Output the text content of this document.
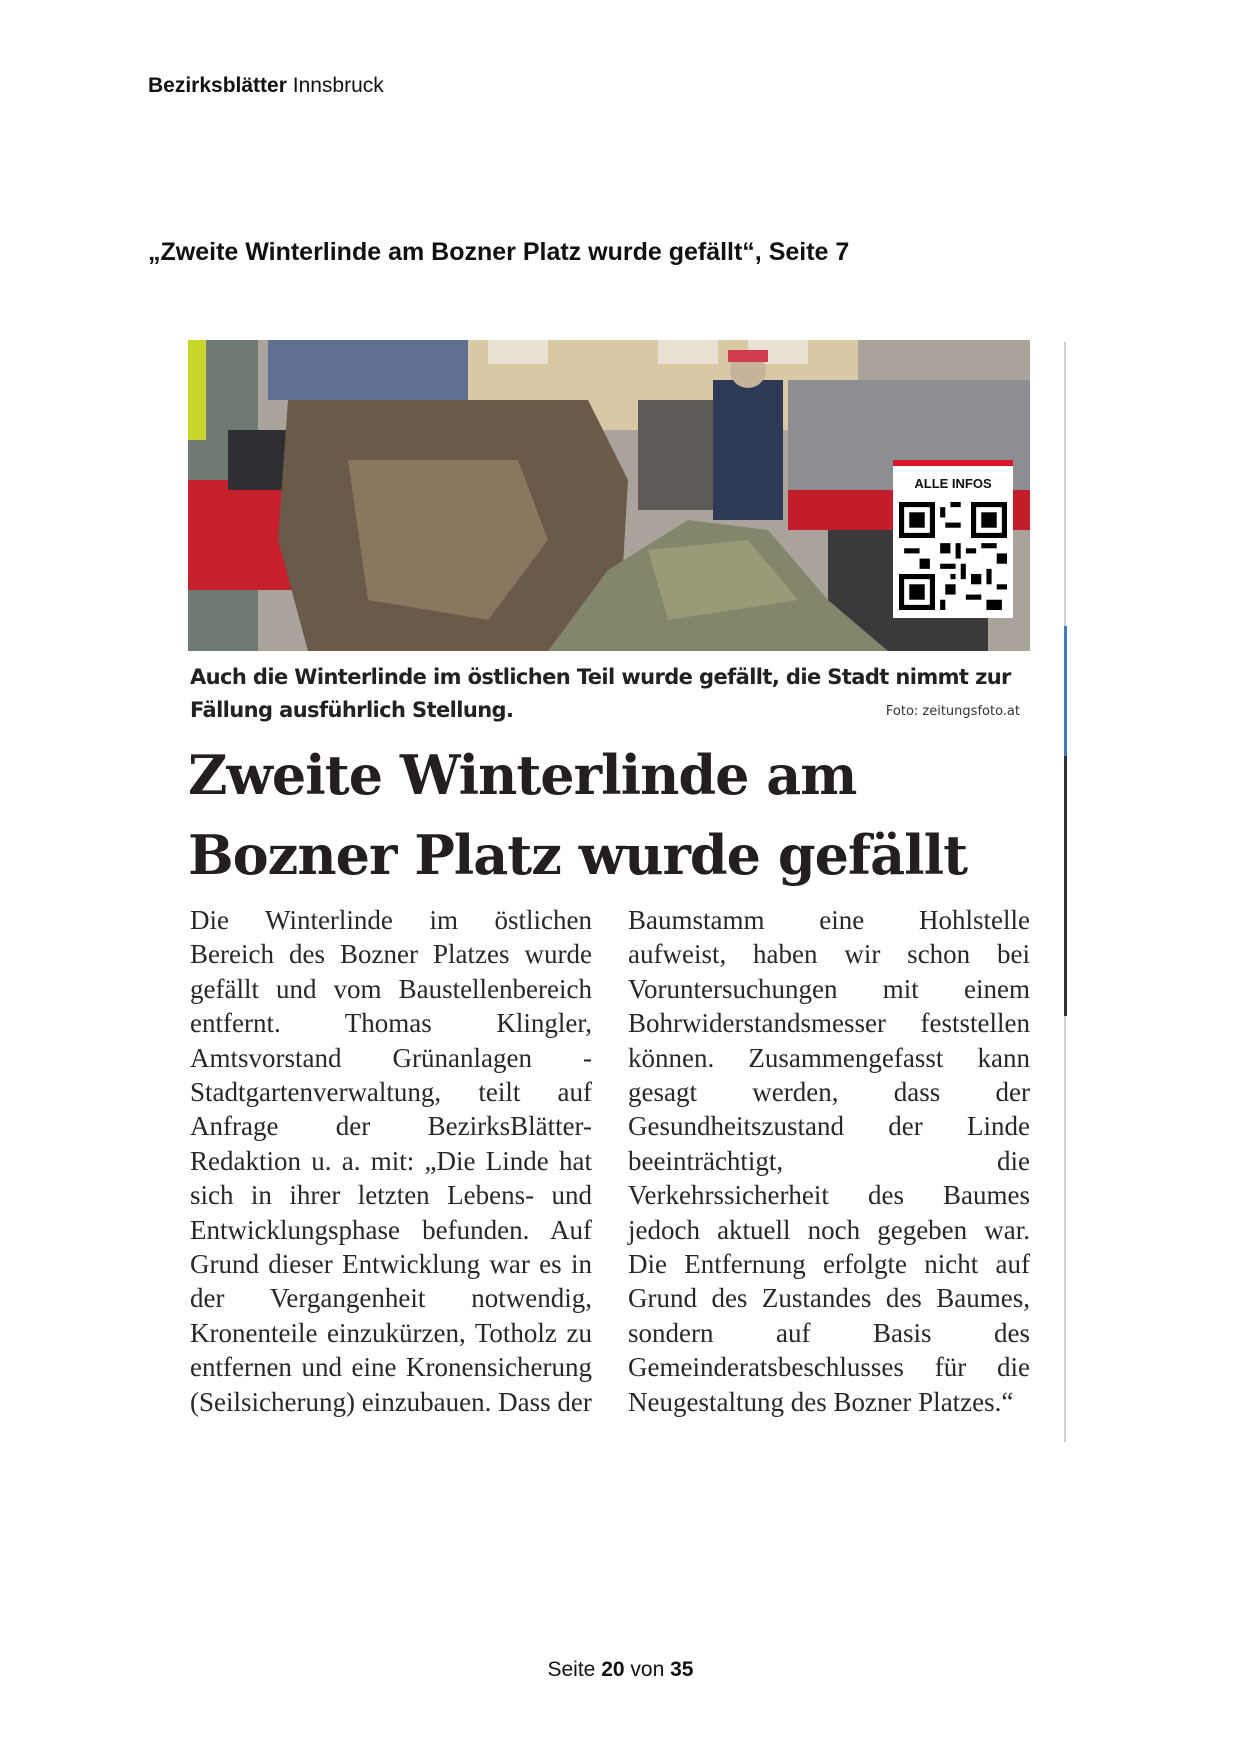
Bezirksblätter Innsbruck
„Zweite Winterlinde am Bozner Platz wurde gefällt“, Seite 7
ALLE INFOS
Auch die Winterlinde im östlichen Teil wurde gefällt, die Stadt nimmt zur Fällung ausführlich Stellung.	Foto: zeitungsfoto.at
Zweite Winterlinde am
Bozner Platz wurde gefällt
Die Winterlinde im östlichen Bereich des Bozner Platzes wurde gefällt und vom Baustellenbereich entfernt. Thomas Klingler, Amtsvorstand Grünanlagen - Stadtgartenverwaltung, teilt auf Anfrage der BezirksBlätter-Redaktion u. a. mit: „Die Linde hat sich in ihrer letzten Lebens- und Entwicklungsphase befunden. Auf Grund dieser Entwicklung war es in der Vergangenheit notwendig, Kronenteile einzukürzen, Totholz zu entfernen und eine Kronensicherung (Seilsicherung) einzubauen. Dass der
Baumstamm eine Hohlstelle aufweist, haben wir schon bei Voruntersuchungen mit einem Bohrwiderstandsmesser feststellen können. Zusammengefasst kann gesagt werden, dass der Gesundheitszustand der Linde beeinträchtigt, die Verkehrssicherheit des Baumes jedoch aktuell noch gegeben war. Die Entfernung erfolgte nicht auf Grund des Zustandes des Baumes, sondern auf Basis des Gemeinderatsbeschlusses für die Neugestaltung des Bozner Platzes.“
Seite 20 von 35
